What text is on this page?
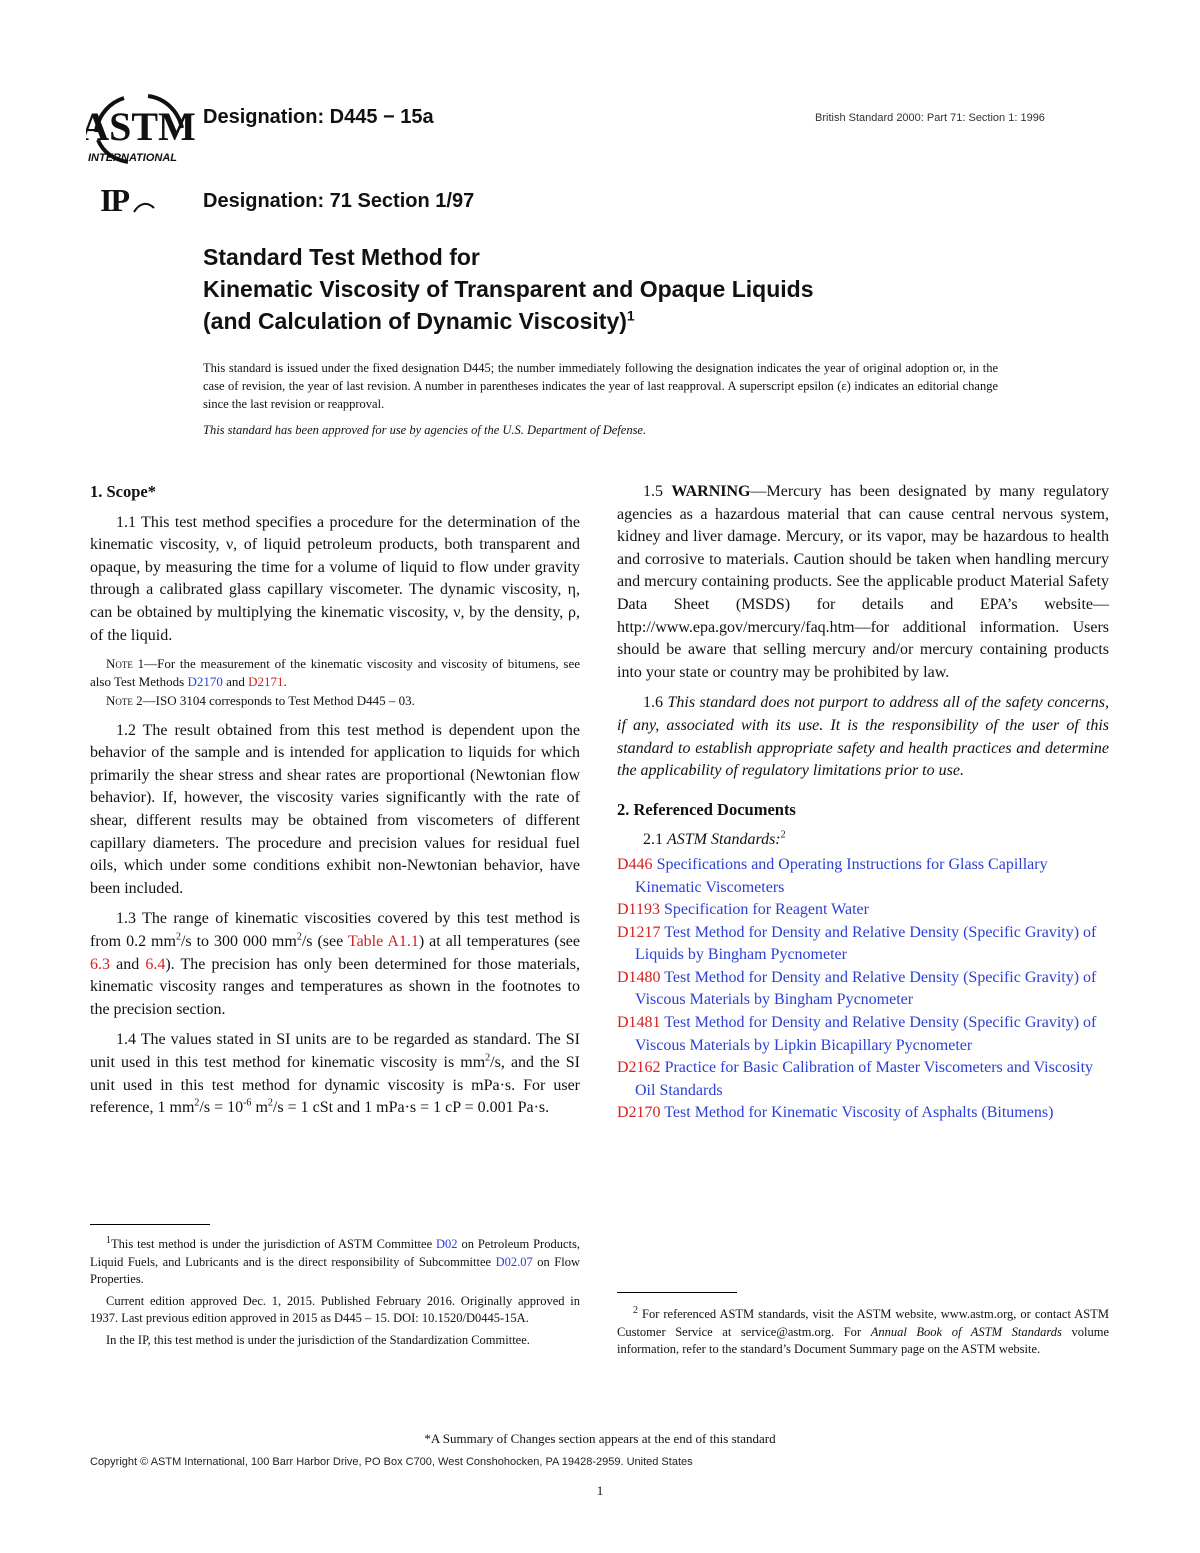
ASTM
INTERNATIONAL
IP
Designation: D445 − 15a	British Standard 2000: Part 71: Section 1: 1996
Designation: 71 Section 1/97
Standard Test Method for
Kinematic Viscosity of Transparent and Opaque Liquids
(and Calculation of Dynamic Viscosity)$^1$
This standard is issued under the fixed designation D445; the number immediately following the designation indicates the year of original adoption or, in the case of revision, the year of last revision. A number in parentheses indicates the year of last reapproval. A superscript epsilon (ε) indicates an editorial change since the last revision or reapproval.
This standard has been approved for use by agencies of the U.S. Department of Defense.
1. Scope*

1.1 This test method specifies a procedure for the determination of the kinematic viscosity, ν, of liquid petroleum products, both transparent and opaque, by measuring the time for a volume of liquid to flow under gravity through a calibrated glass capillary viscometer. The dynamic viscosity, η, can be obtained by multiplying the kinematic viscosity, ν, by the density, ρ, of the liquid.

Note 1—For the measurement of the kinematic viscosity and viscosity of bitumens, see also Test Methods D2170 and D2171.
Note 2—ISO 3104 corresponds to Test Method D445 – 03.

1.2 The result obtained from this test method is dependent upon the behavior of the sample and is intended for application to liquids for which primarily the shear stress and shear rates are proportional (Newtonian flow behavior). If, however, the viscosity varies significantly with the rate of shear, different results may be obtained from viscometers of different capillary diameters. The procedure and precision values for residual fuel oils, which under some conditions exhibit non-Newtonian behavior, have been included.

1.3 The range of kinematic viscosities covered by this test method is from 0.2 $mm^2/s$ to 300 000 $mm^2/s$ (see Table A1.1) at all temperatures (see 6.3 and 6.4). The precision has only been determined for those materials, kinematic viscosity ranges and temperatures as shown in the footnotes to the precision section.

1.4 The values stated in SI units are to be regarded as standard. The SI unit used in this test method for kinematic viscosity is $mm^2/s$, and the SI unit used in this test method for dynamic viscosity is mPa·s. For user reference, 1 $mm^2/s = 10^{-6}$ $m^2/s = 1$ cSt and 1 mPa·s = 1 cP = 0.001 Pa·s.

$^1$This test method is under the jurisdiction of ASTM Committee D02 on Petroleum Products, Liquid Fuels, and Lubricants and is the direct responsibility of Subcommittee D02.07 on Flow Properties.

Current edition approved Dec. 1, 2015. Published February 2016. Originally approved in 1937. Last previous edition approved in 2015 as D445 – 15. DOI: 10.1520/D0445-15A.

In the IP, this test method is under the jurisdiction of the Standardization Committee.

1.5 WARNING—Mercury has been designated by many regulatory agencies as a hazardous material that can cause central nervous system, kidney and liver damage. Mercury, or its vapor, may be hazardous to health and corrosive to materials. Caution should be taken when handling mercury and mercury containing products. See the applicable product Material Safety Data Sheet (MSDS) for details and EPA’s website—http://www.epa.gov/mercury/faq.htm—for additional information. Users should be aware that selling mercury and/or mercury containing products into your state or country may be prohibited by law.

1.6 This standard does not purport to address all of the safety concerns, if any, associated with its use. It is the responsibility of the user of this standard to establish appropriate safety and health practices and determine the applicability of regulatory limitations prior to use.

2. Referenced Documents

2.1 ASTM Standards:$^2$

D446 Specifications and Operating Instructions for Glass Capillary Kinematic Viscometers
D1193 Specification for Reagent Water
D1217 Test Method for Density and Relative Density (Specific Gravity) of Liquids by Bingham Pycnometer
D1480 Test Method for Density and Relative Density (Specific Gravity) of Viscous Materials by Bingham Pycnometer
D1481 Test Method for Density and Relative Density (Specific Gravity) of Viscous Materials by Lipkin Bicapillary Pycnometer
D2162 Practice for Basic Calibration of Master Viscometers and Viscosity Oil Standards
D2170 Test Method for Kinematic Viscosity of Asphalts (Bitumens)

$^2$ For referenced ASTM standards, visit the ASTM website, www.astm.org, or contact ASTM Customer Service at service@astm.org. For Annual Book of ASTM Standards volume information, refer to the standard’s Document Summary page on the ASTM website.

*A Summary of Changes section appears at the end of this standard
Copyright © ASTM International, 100 Barr Harbor Drive, PO Box C700, West Conshohocken, PA 19428-2959. United States
1
